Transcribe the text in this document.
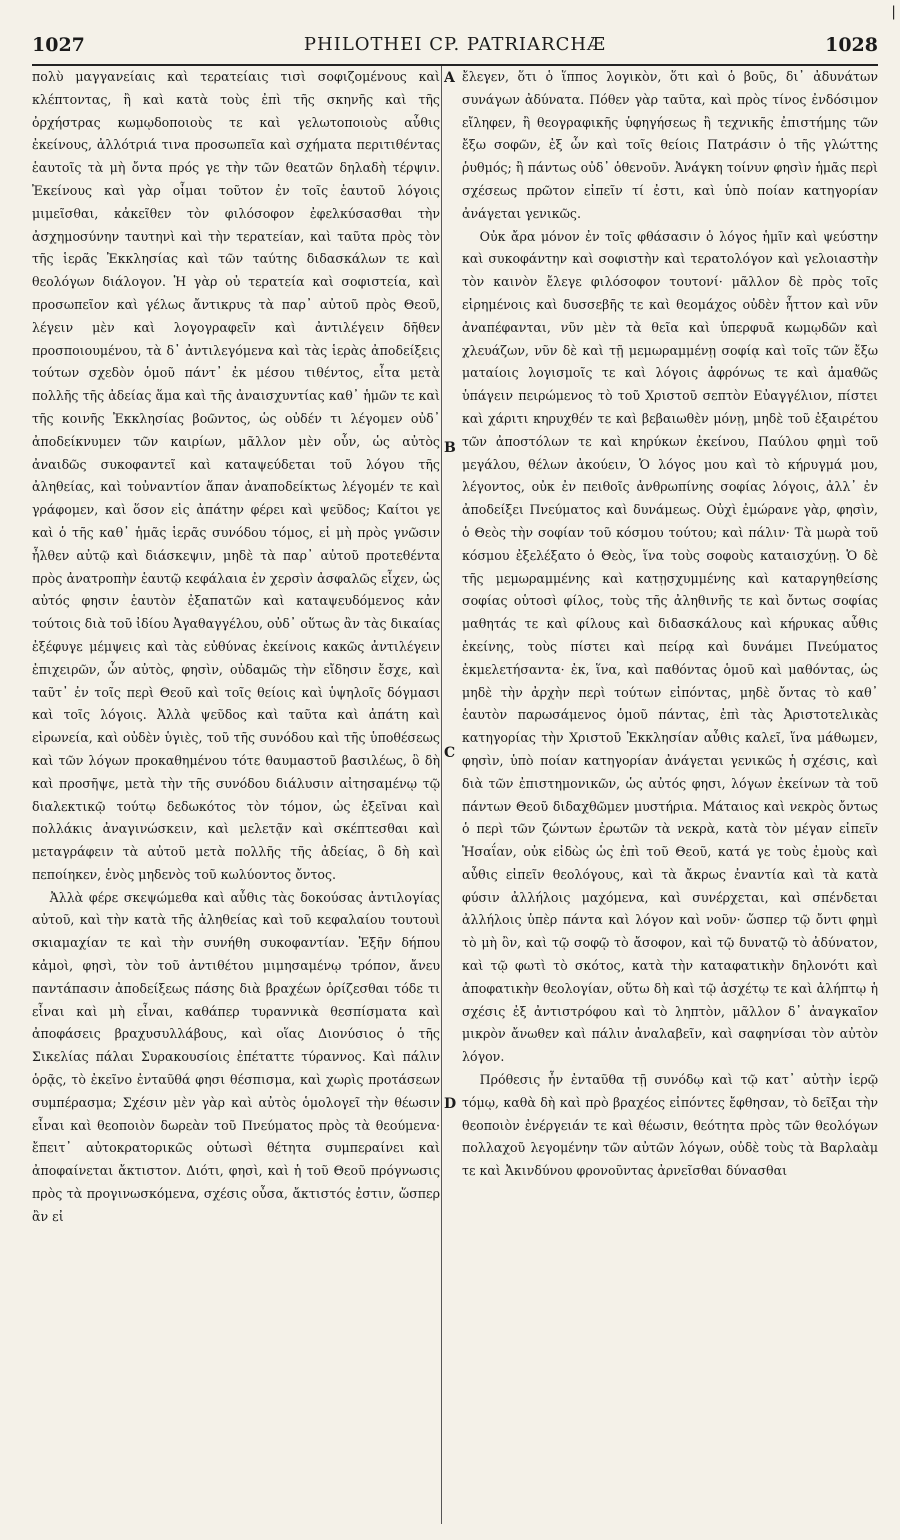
1027	PHILOTHEI CP. PATRIARCHÆ	1028
|

πολὺ μαγγανείαις καὶ τερατείαις τισὶ σοφιζομένους καὶ κλέπτοντας, ἢ καὶ κατὰ τοὺς ἐπὶ τῆς σκηνῆς καὶ τῆς ὀρχήστρας κωμῳδοποιοὺς τε καὶ γελωτοποιοὺς αὖθις ἐκείνους, ἀλλότριά τινα προσωπεῖα καὶ σχήματα περιτιθέντας ἑαυτοῖς τὰ μὴ ὄντα πρός γε τὴν τῶν θεατῶν δηλαδὴ τέρψιν. Ἐκείνους καὶ γὰρ οἶμαι τοῦτον ἐν τοῖς ἑαυτοῦ λόγοις μιμεῖσθαι, κἀκεῖθεν τὸν φιλόσοφον ἐφελκύσασθαι τὴν ἀσχημοσύνην ταυτηνὶ καὶ τὴν τερατείαν, καὶ ταῦτα πρὸς τὸν τῆς ἱερᾶς Ἐκκλησίας καὶ τῶν ταύτης διδασκάλων τε καὶ θεολόγων διάλογον. Ἡ γὰρ οὐ τερατεία καὶ σοφιστεία, καὶ προσωπεῖον καὶ γέλως ἄντικρυς τὰ παρ᾽ αὐτοῦ πρὸς Θεοῦ, λέγειν μὲν καὶ λογογραφεῖν καὶ ἀντιλέγειν δῆθεν προσποιουμένου, τὰ δ᾽ ἀντιλεγόμενα καὶ τὰς ἱερὰς ἀποδείξεις τούτων σχεδὸν ὁμοῦ πάντ᾽ ἐκ μέσου τιθέντος, εἶτα μετὰ πολλῆς τῆς ἀδείας ἅμα καὶ τῆς ἀναισχυντίας καθ᾽ ἡμῶν τε καὶ τῆς κοινῆς Ἐκκλησίας βοῶντος, ὡς οὐδέν τι λέγομεν οὐδ᾽ ἀποδείκνυμεν τῶν καιρίων, μᾶλλον μὲν οὖν, ὡς αὐτὸς ἀναιδῶς συκοφαντεῖ καὶ καταψεύδεται τοῦ λόγου τῆς ἀληθείας, καὶ τοὐναντίον ἅπαν ἀναποδείκτως λέγομέν τε καὶ γράφομεν, καὶ ὅσον εἰς ἀπάτην φέρει καὶ ψεῦδος; Καίτοι γε καὶ ὁ τῆς καθ᾽ ἡμᾶς ἱερᾶς συνόδου τόμος, εἰ μὴ πρὸς γνῶσιν ἦλθεν αὐτῷ καὶ διάσκεψιν, μηδὲ τὰ παρ᾽ αὐτοῦ προτεθέντα πρὸς ἀνατροπὴν ἑαυτῷ κεφάλαια ἐν χερσὶν ἀσφαλῶς εἶχεν, ὡς αὐτός φησιν ἑαυτὸν ἐξαπατῶν καὶ καταψευδόμενος κἀν τούτοις διὰ τοῦ ἰδίου Ἀγαθαγγέλου, οὐδ᾽ οὕτως ἂν τὰς δικαίας ἐξέφυγε μέμψεις καὶ τὰς εὐθύνας ἐκείνοις κακῶς ἀντιλέγειν ἐπιχειρῶν, ὧν αὐτὸς, φησὶν, οὐδαμῶς τὴν εἴδησιν ἔσχε, καὶ ταῦτ᾽ ἐν τοῖς περὶ Θεοῦ καὶ τοῖς θείοις καὶ ὑψηλοῖς δόγμασι καὶ τοῖς λόγοις. Ἀλλὰ ψεῦδος καὶ ταῦτα καὶ ἀπάτη καὶ εἰρωνεία, καὶ οὐδὲν ὑγιὲς, τοῦ τῆς συνόδου καὶ τῆς ὑποθέσεως καὶ τῶν λόγων προκαθημένου τότε θαυμαστοῦ βασιλέως, ὃ δὴ καὶ προσῆψε, μετὰ τὴν τῆς συνόδου διάλυσιν αἰτησαμένῳ τῷ διαλεκτικῷ τούτῳ δεδωκότος τὸν τόμον, ὡς ἐξεῖναι καὶ πολλάκις ἀναγινώσκειν, καὶ μελετᾷν καὶ σκέπτεσθαι καὶ μεταγράφειν τὰ αὐτοῦ μετὰ πολλῆς τῆς ἀδείας, ὃ δὴ καὶ πεποίηκεν, ἑνὸς μηδενὸς τοῦ κωλύοντος ὄντος.

Ἀλλὰ φέρε σκεψώμεθα καὶ αὖθις τὰς δοκούσας ἀντιλογίας αὐτοῦ, καὶ τὴν κατὰ τῆς ἀληθείας καὶ τοῦ κεφαλαίου τουτουὶ σκιαμαχίαν τε καὶ τὴν συνήθη συκοφαντίαν. Ἐξῆν δήπου κἀμοὶ, φησὶ, τὸν τοῦ ἀντιθέτου μιμησαμένῳ τρόπον, ἄνευ παντάπασιν ἀποδείξεως πάσης διὰ βραχέων ὁρίζεσθαι τόδε τι εἶναι καὶ μὴ εἶναι, καθάπερ τυραννικὰ θεσπίσματα καὶ ἀποφάσεις βραχυσυλλάβους, καὶ οἵας Διονύσιος ὁ τῆς Σικελίας πάλαι Συρακουσίοις ἐπέταττε τύραννος. Καὶ πάλιν ὁρᾷς, τὸ ἐκεῖνο ἐνταῦθά φησι θέσπισμα, καὶ χωρὶς προτάσεων συμπέρασμα; Σχέσιν μὲν γὰρ καὶ αὐτὸς ὁμολογεῖ τὴν θέωσιν εἶναι καὶ θεοποιὸν δωρεὰν τοῦ Πνεύματος πρὸς τὰ θεούμενα· ἔπειτ᾽ αὐτοκρατορικῶς οὑτωσὶ θέτητα συμπεραίνει καὶ ἀποφαίνεται ἄκτιστον. Διότι, φησὶ, καὶ ἡ τοῦ Θεοῦ πρόγνωσις πρὸς τὰ προγινωσκόμενα, σχέσις οὖσα, ἄκτιστός ἐστιν, ὥσπερ ἂν εἰ

A
B
C
D

ἔλεγεν, ὅτι ὁ ἵππος λογικὸν, ὅτι καὶ ὁ βοῦς, δι᾽ ἀδυνάτων συνάγων ἀδύνατα. Πόθεν γὰρ ταῦτα, καὶ πρὸς τίνος ἐνδόσιμον εἴληφεν, ἢ θεογραφικῆς ὑφηγήσεως ἢ τεχνικῆς ἐπιστήμης τῶν ἔξω σοφῶν, ἐξ ὧν καὶ τοῖς θείοις Πατράσιν ὁ τῆς γλώττης ῥυθμός; ἢ πάντως οὐδ᾽ ὁθενοῦν. Ἀνάγκη τοίνυν φησὶν ἡμᾶς περὶ σχέσεως πρῶτον εἰπεῖν τί ἐστι, καὶ ὑπὸ ποίαν κατηγορίαν ἀνάγεται γενικῶς.

Οὐκ ἄρα μόνον ἐν τοῖς φθάσασιν ὁ λόγος ἡμῖν καὶ ψεύστην καὶ συκοφάντην καὶ σοφιστὴν καὶ τερατολόγον καὶ γελοιαστὴν τὸν καινὸν ἔλεγε φιλόσοφον τουτονί· μᾶλλον δὲ πρὸς τοῖς εἰρημένοις καὶ δυσσεβῆς τε καὶ θεομάχος οὐδὲν ἧττον καὶ νῦν ἀναπέφανται, νῦν μὲν τὰ θεῖα καὶ ὑπερφυᾶ κωμῳδῶν καὶ χλευάζων, νῦν δὲ καὶ τῇ μεμωραμμένῃ σοφίᾳ καὶ τοῖς τῶν ἔξω ματαίοις λογισμοῖς τε καὶ λόγοις ἀφρόνως τε καὶ ἀμαθῶς ὑπάγειν πειρώμενος τὸ τοῦ Χριστοῦ σεπτὸν Εὐαγγέλιον, πίστει καὶ χάριτι κηρυχθέν τε καὶ βεβαιωθὲν μόνῃ, μηδὲ τοῦ ἐξαιρέτου τῶν ἀποστόλων τε καὶ κηρύκων ἐκείνου, Παύλου φημὶ τοῦ μεγάλου, θέλων ἀκούειν, Ὁ λόγος μου καὶ τὸ κήρυγμά μου, λέγοντος, οὐκ ἐν πειθοῖς ἀνθρωπίνης σοφίας λόγοις, ἀλλ᾽ ἐν ἀποδείξει Πνεύματος καὶ δυνάμεως. Οὐχὶ ἐμώρανε γὰρ, φησὶν, ὁ Θεὸς τὴν σοφίαν τοῦ κόσμου τούτου; καὶ πάλιν· Τὰ μωρὰ τοῦ κόσμου ἐξελέξατο ὁ Θεὸς, ἵνα τοὺς σοφοὺς καταισχύνῃ. Ὁ δὲ τῆς μεμωραμμένης καὶ κατῃσχυμμένης καὶ καταργηθείσης σοφίας οὑτοσὶ φίλος, τοὺς τῆς ἀληθινῆς τε καὶ ὄντως σοφίας μαθητάς τε καὶ φίλους καὶ διδασκάλους καὶ κήρυκας αὖθις ἐκείνης, τοὺς πίστει καὶ πείρᾳ καὶ δυνάμει Πνεύματος ἐκμελετήσαντα· ἐκ, ἵνα, καὶ παθόντας ὁμοῦ καὶ μαθόντας, ὡς μηδὲ τὴν ἀρχὴν περὶ τούτων εἰπόντας, μηδὲ ὄντας τὸ καθ᾽ ἑαυτὸν παρωσάμενος ὁμοῦ πάντας, ἐπὶ τὰς Ἀριστοτελικὰς κατηγορίας τὴν Χριστοῦ Ἐκκλησίαν αὖθις καλεῖ, ἵνα μάθωμεν, φησὶν, ὑπὸ ποίαν κατηγορίαν ἀνάγεται γενικῶς ἡ σχέσις, καὶ διὰ τῶν ἐπιστημονικῶν, ὡς αὐτός φησι, λόγων ἐκείνων τὰ τοῦ πάντων Θεοῦ διδαχθῶμεν μυστήρια. Μάταιος καὶ νεκρὸς ὄντως ὁ περὶ τῶν ζώντων ἐρωτῶν τὰ νεκρὰ, κατὰ τὸν μέγαν εἰπεῖν Ἡσαΐαν, οὐκ εἰδὼς ὡς ἐπὶ τοῦ Θεοῦ, κατά γε τοὺς ἐμοὺς καὶ αὖθις εἰπεῖν θεολόγους, καὶ τὰ ἄκρως ἐναντία καὶ τὰ κατὰ φύσιν ἀλλήλοις μαχόμενα, καὶ συνέρχεται, καὶ σπένδεται ἀλλήλοις ὑπὲρ πάντα καὶ λόγον καὶ νοῦν· ὥσπερ τῷ ὄντι φημὶ τὸ μὴ ὂν, καὶ τῷ σοφῷ τὸ ἄσοφον, καὶ τῷ δυνατῷ τὸ ἀδύνατον, καὶ τῷ φωτὶ τὸ σκότος, κατὰ τὴν καταφατικὴν δηλονότι καὶ ἀποφατικὴν θεολογίαν, οὕτω δὴ καὶ τῷ ἀσχέτῳ τε καὶ ἀλήπτῳ ἡ σχέσις ἐξ ἀντιστρόφου καὶ τὸ ληπτὸν, μᾶλλον δ᾽ ἀναγκαῖον μικρὸν ἄνωθεν καὶ πάλιν ἀναλαβεῖν, καὶ σαφηνίσαι τὸν αὐτὸν λόγον.

Πρόθεσις ἦν ἐνταῦθα τῇ συνόδῳ καὶ τῷ κατ᾽ αὐτὴν ἱερῷ τόμῳ, καθὰ δὴ καὶ πρὸ βραχέος εἰπόντες ἔφθησαν, τὸ δεῖξαι τὴν θεοποιὸν ἐνέργειάν τε καὶ θέωσιν, θεότητα πρὸς τῶν θεολόγων πολλαχοῦ λεγομένην τῶν αὐτῶν λόγων, οὐδὲ τοὺς τὰ Βαρλαὰμ τε καὶ Ἀκινδύνου φρονοῦντας ἀρνεῖσθαι δύνασθαι
